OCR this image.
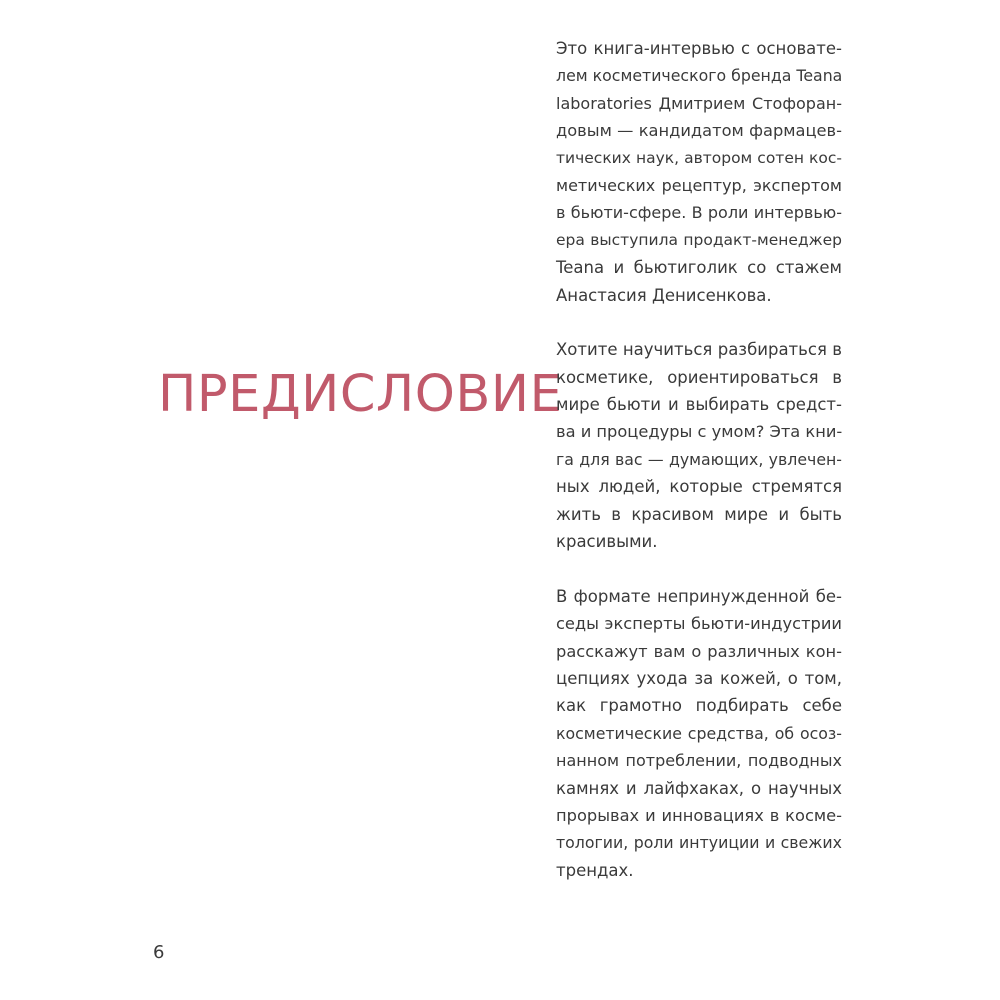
ПРЕДИСЛОВИЕ

Это книга-интервью с основате-
лем косметического бренда Teana
laboratories Дмитрием Стофоран-
довым — кандидатом фармацев-
тических наук, автором сотен кос-
метических рецептур, экспертом
в бьюти-сфере. В роли интервью-
ера выступила продакт-менеджер
Teana и бьютиголик со стажем
Анастасия Денисенкова.

Хотите научиться разбираться в
косметике, ориентироваться в
мире бьюти и выбирать средст-
ва и процедуры с умом? Эта кни-
га для вас — думающих, увлечен-
ных людей, которые стремятся
жить в красивом мире и быть
красивыми.

В формате непринужденной бе-
седы эксперты бьюти-индустрии
расскажут вам о различных кон-
цепциях ухода за кожей, о том,
как грамотно подбирать себе
косметические средства, об осоз-
нанном потреблении, подводных
камнях и лайфхаках, о научных
прорывах и инновациях в косме-
тологии, роли интуиции и свежих
трендах.

6
